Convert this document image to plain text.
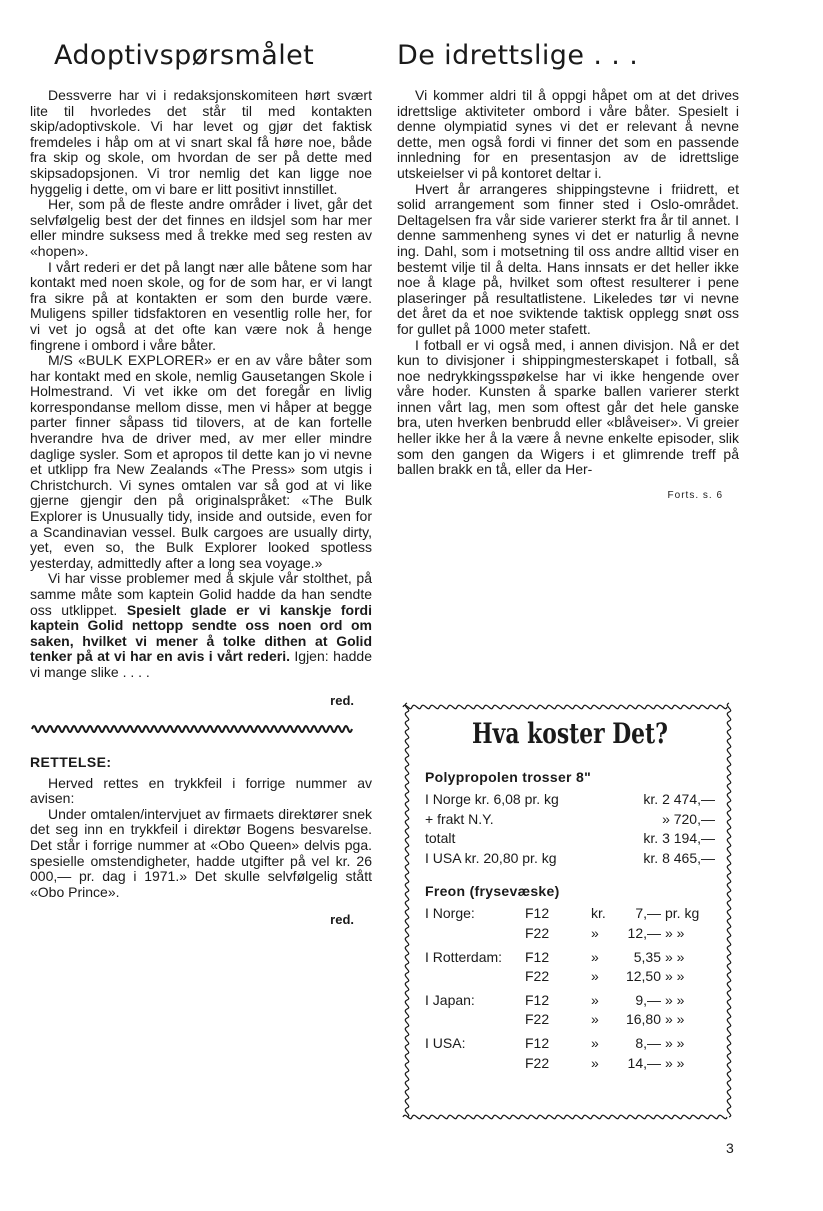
Adoptivspørsmålet

Dessverre har vi i redaksjonskomiteen hørt svært lite til hvorledes det står til med kontakten skip/adoptivskole. Vi har levet og gjør det faktisk fremdeles i håp om at vi snart skal få høre noe, både fra skip og skole, om hvordan de ser på dette med skipsadopsjonen. Vi tror nemlig det kan ligge noe hyggelig i dette, om vi bare er litt positivt innstillet.

Her, som på de fleste andre områder i livet, går det selvfølgelig best der det finnes en ildsjel som har mer eller mindre suksess med å trekke med seg resten av «hopen».

I vårt rederi er det på langt nær alle båtene som har kontakt med noen skole, og for de som har, er vi langt fra sikre på at kontakten er som den burde være. Muligens spiller tidsfaktoren en vesentlig rolle her, for vi vet jo også at det ofte kan være nok å henge fingrene i ombord i våre båter.

M/S «BULK EXPLORER» er en av våre båter som har kontakt med en skole, nemlig Gausetangen Skole i Holmestrand. Vi vet ikke om det foregår en livlig korrespondanse mellom disse, men vi håper at begge parter finner såpass tid tilovers, at de kan fortelle hverandre hva de driver med, av mer eller mindre daglige sysler. Som et apropos til dette kan jo vi nevne et utklipp fra New Zealands «The Press» som utgis i Christchurch. Vi synes omtalen var så god at vi like gjerne gjengir den på originalspråket: «The Bulk Explorer is Unusually tidy, inside and outside, even for a Scandinavian vessel. Bulk cargoes are usually dirty, yet, even so, the Bulk Explorer looked spotless yesterday, admittedly after a long sea voyage.»

Vi har visse problemer med å skjule vår stolthet, på samme måte som kaptein Golid hadde da han sendte oss utklippet. Spesielt glade er vi kanskje fordi kaptein Golid nettopp sendte oss noen ord om saken, hvilket vi mener å tolke dithen at Golid tenker på at vi har en avis i vårt rederi. Igjen: hadde vi mange slike . . . .

red.
RETTELSE:

Herved rettes en trykkfeil i forrige nummer av avisen:

Under omtalen/intervjuet av firmaets direktører snek det seg inn en trykkfeil i direktør Bogens besvarelse. Det står i forrige nummer at «Obo Queen» delvis pga. spesielle omstendigheter, hadde utgifter på vel kr. 26 000,— pr. dag i 1971.» Det skulle selvfølgelig stått «Obo Prince».

red.
De idrettslige . . .

Vi kommer aldri til å oppgi håpet om at det drives idrettslige aktiviteter ombord i våre båter. Spesielt i denne olympiatid synes vi det er relevant å nevne dette, men også fordi vi finner det som en passende innledning for en presentasjon av de idrettslige utskeielser vi på kontoret deltar i.

Hvert år arrangeres shippingstevne i friidrett, et solid arrangement som finner sted i Oslo-området. Deltagelsen fra vår side varierer sterkt fra år til annet. I denne sammenheng synes vi det er naturlig å nevne ing. Dahl, som i motsetning til oss andre alltid viser en bestemt vilje til å delta. Hans innsats er det heller ikke noe å klage på, hvilket som oftest resulterer i pene plaseringer på resultatlistene. Likeledes tør vi nevne det året da et noe sviktende taktisk opplegg snøt oss for gullet på 1000 meter stafett.

I fotball er vi også med, i annen divisjon. Nå er det kun to divisjoner i shippingmesterskapet i fotball, så noe nedrykkingsspøkelse har vi ikke hengende over våre hoder. Kunsten å sparke ballen varierer sterkt innen vårt lag, men som oftest går det hele ganske bra, uten hverken benbrudd eller «blåveiser». Vi greier heller ikke her å la være å nevne enkelte episoder, slik som den gangen da Wigers i et glimrende treff på ballen brakk en tå, eller da Her-

Forts. s. 6
Hva koster Det?
Polypropolen trosser 8"
I Norge kr. 6,08 pr. kg	kr. 2 474,—
+ frakt N.Y.	» 720,—
totalt	kr. 3 194,—
I USA kr. 20,80 pr. kg	kr. 8 465,—
Freon (frysevæske)
I Norge:	F12	kr.	7,—	pr. kg
	F22	»	12,—	» »
I Rotterdam:	F12	»	5,35	» »
	F22	»	12,50	» »
I Japan:	F12	»	9,—	» »
	F22	»	16,80	» »
I USA:	F12	»	8,—	» »
	F22	»	14,—	» »
3
